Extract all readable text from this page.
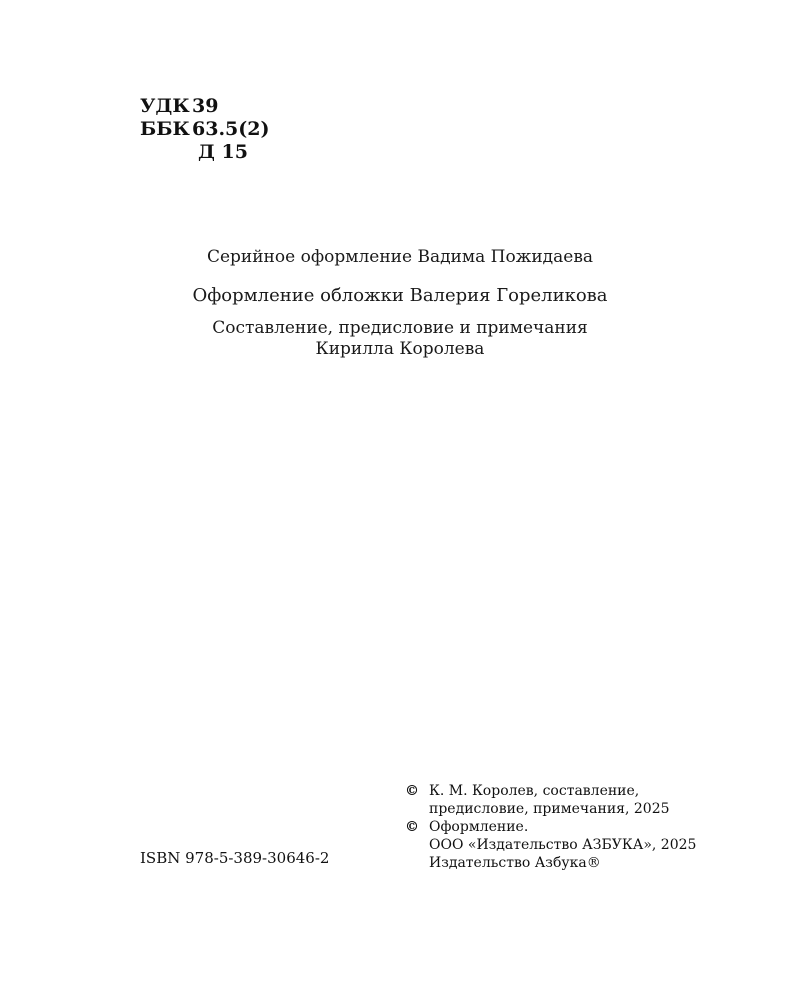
УДК 39
ББК 63.5(2)
Д 15
Серийное оформление Вадима Пожидаева
Оформление обложки Валерия Гореликова
Составление, предисловие и примечания
Кирилла Королева
ISBN 978-5-389-30646-2
© К. М. Королев, составление,
предисловие, примечания, 2025
© Оформление.
ООО «Издательство АЗБУКА», 2025
Издательство Азбука®
